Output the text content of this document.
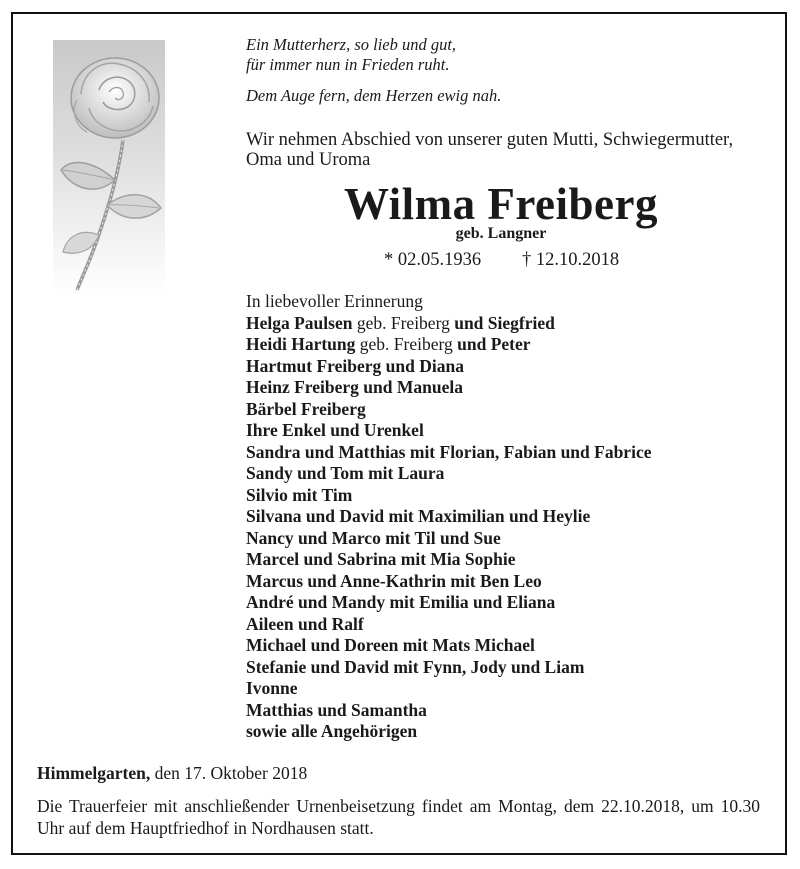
Ein Mutterherz, so lieb und gut,
für immer nun in Frieden ruht.
Dem Auge fern, dem Herzen ewig nah.
Wir nehmen Abschied von unserer guten Mutti, Schwiegermutter,
Oma und Uroma
Wilma Freiberg
geb. Langner
* 02.05.1936 † 12.10.2018
In liebevoller Erinnerung
Helga Paulsen geb. Freiberg und Siegfried
Heidi Hartung geb. Freiberg und Peter
Hartmut Freiberg und Diana
Heinz Freiberg und Manuela
Bärbel Freiberg
Ihre Enkel und Urenkel
Sandra und Matthias mit Florian, Fabian und Fabrice
Sandy und Tom mit Laura
Silvio mit Tim
Silvana und David mit Maximilian und Heylie
Nancy und Marco mit Til und Sue
Marcel und Sabrina mit Mia Sophie
Marcus und Anne-Kathrin mit Ben Leo
André und Mandy mit Emilia und Eliana
Aileen und Ralf
Michael und Doreen mit Mats Michael
Stefanie und David mit Fynn, Jody und Liam
Ivonne
Matthias und Samantha
sowie alle Angehörigen
Himmelgarten, den 17. Oktober 2018
Die Trauerfeier mit anschließender Urnenbeisetzung findet am Montag, dem 22.10.2018, um 10.30 Uhr auf dem Hauptfriedhof in Nordhausen statt.
